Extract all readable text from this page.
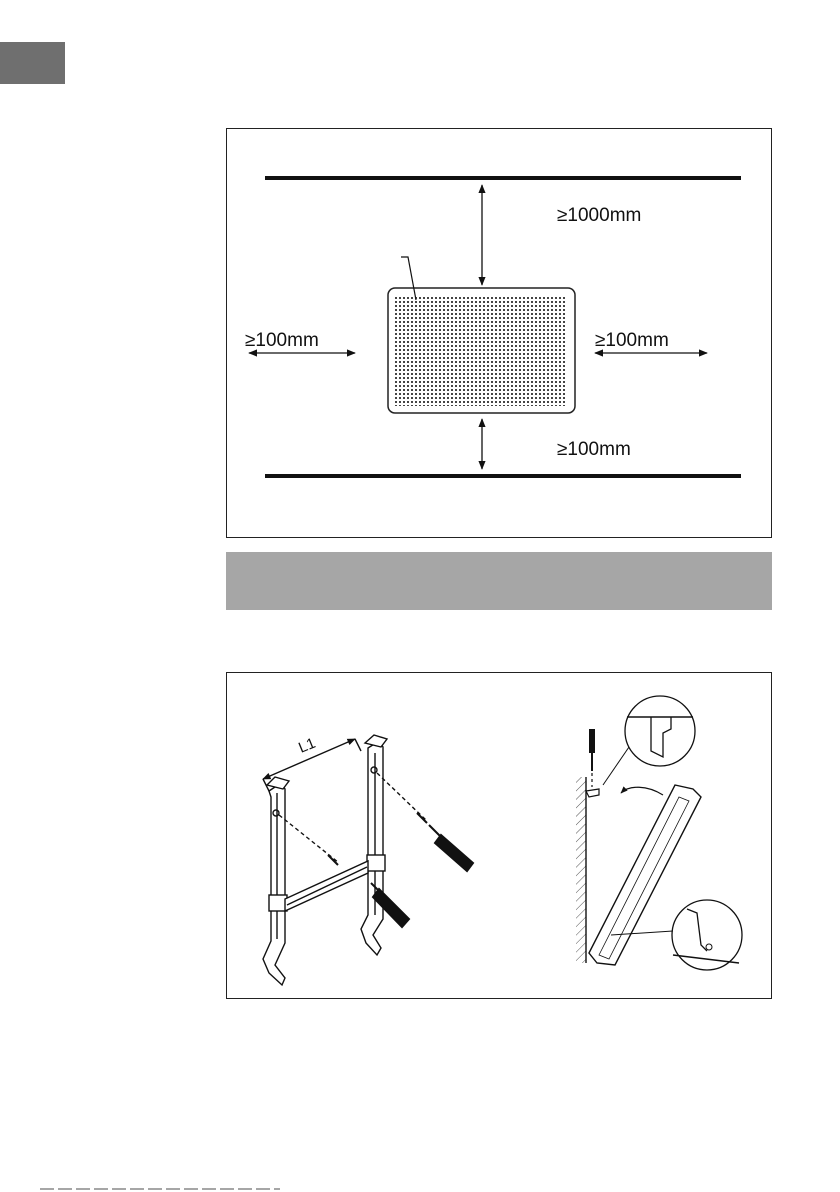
≥1000mm
≥100mm	≥100mm
≥100mm
L1
